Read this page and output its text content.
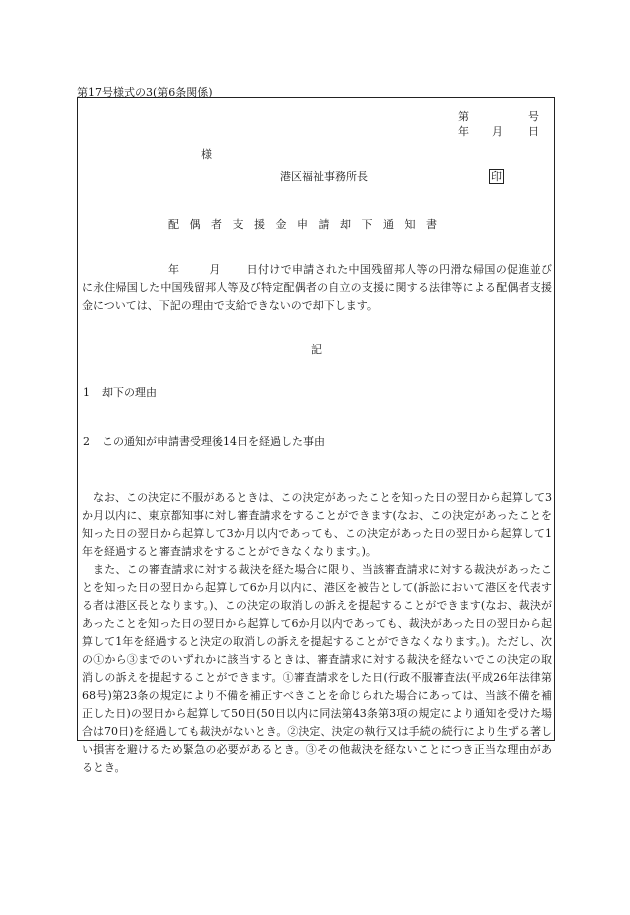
第17号様式の3(第6条関係)
第	号
年 月 日
様
港区福祉事務所長	印
配偶者支援金申請却下通知書
年	月 日付けで申請された中国残留邦人等の円滑な帰国の促進並びに永住帰国した中国残留邦人等及び特定配偶者の自立の支援に関する法律等による配偶者支援金については、下記の理由で支給できないので却下します。
記
1 却下の理由
2 この通知が申請書受理後14日を経過した事由
なお、この決定に不服があるときは、この決定があったことを知った日の翌日から起算して3か月以内に、東京都知事に対し審査請求をすることができます(なお、この決定があったことを知った日の翌日から起算して3か月以内であっても、この決定があった日の翌日から起算して1年を経過すると審査請求をすることができなくなります。)。
また、この審査請求に対する裁決を経た場合に限り、当該審査請求に対する裁決があったことを知った日の翌日から起算して6か月以内に、港区を被告として(訴訟において港区を代表する者は港区長となります。)、この決定の取消しの訴えを提起することができます(なお、裁決があったことを知った日の翌日から起算して6か月以内であっても、裁決があった日の翌日から起算して1年を経過すると決定の取消しの訴えを提起することができなくなります。)。ただし、次の①から③までのいずれかに該当するときは、審査請求に対する裁決を経ないでこの決定の取消しの訴えを提起することができます。①審査請求をした日(行政不服審査法(平成26年法律第68号)第23条の規定により不備を補正すべきことを命じられた場合にあっては、当該不備を補正した日)の翌日から起算して50日(50日以内に同法第43条第3項の規定により通知を受けた場合は70日)を経過しても裁決がないとき。②決定、決定の執行又は手続の続行により生ずる著しい損害を避けるため緊急の必要があるとき。③その他裁決を経ないことにつき正当な理由があるとき。
